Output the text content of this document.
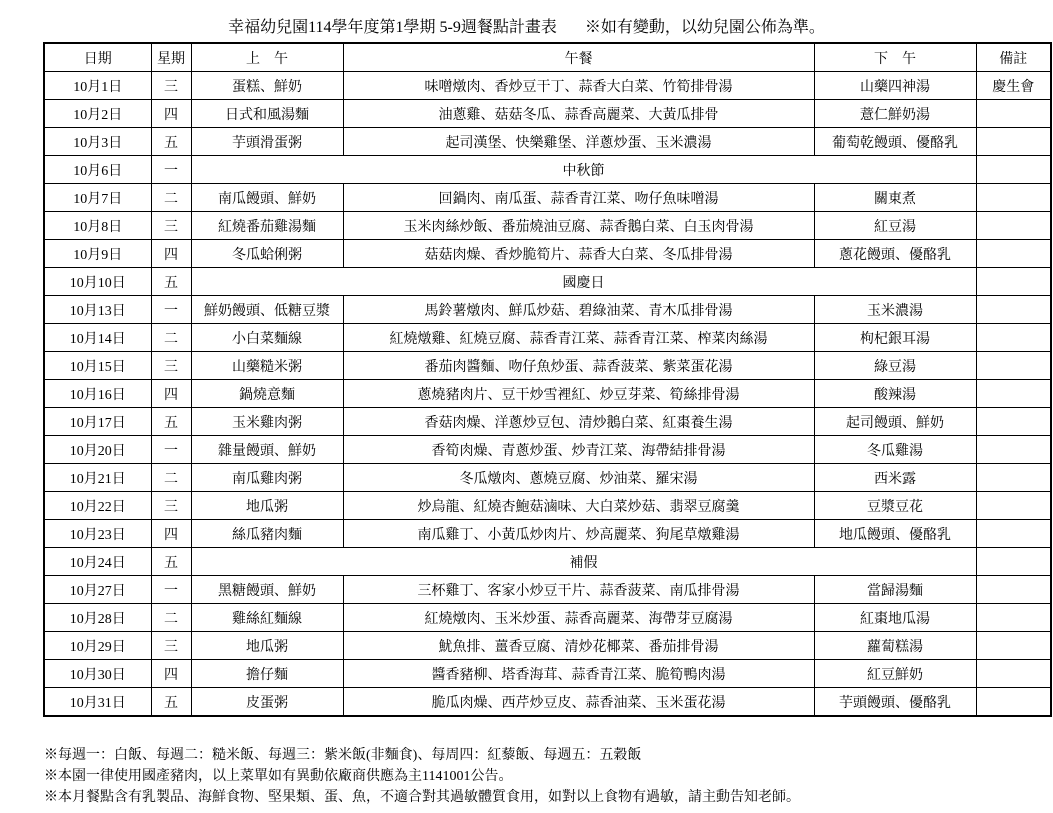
幸福幼兒園114學年度第1學期 5-9週餐點計畫表 ※如有變動，以幼兒園公佈為準。
日期	星期	上　午	午餐	下　午	備註
10月1日	三	蛋糕、鮮奶	味噌燉肉、香炒豆干丁、蒜香大白菜、竹筍排骨湯	山藥四神湯	慶生會
10月2日	四	日式和風湯麵	油蔥雞、菇菇冬瓜、蒜香高麗菜、大黃瓜排骨	薏仁鮮奶湯	
10月3日	五	芋頭滑蛋粥	起司漢堡、快樂雞堡、洋蔥炒蛋、玉米濃湯	葡萄乾饅頭、優酪乳	
10月6日	一	中秋節			
10月7日	二	南瓜饅頭、鮮奶	回鍋肉、南瓜蛋、蒜香青江菜、吻仔魚味噌湯	關東煮	
10月8日	三	紅燒番茄雞湯麵	玉米肉絲炒飯、番茄燒油豆腐、蒜香鵝白菜、白玉肉骨湯	紅豆湯	
10月9日	四	冬瓜蛤俐粥	菇菇肉燥、香炒脆筍片、蒜香大白菜、冬瓜排骨湯	蔥花饅頭、優酪乳	
10月10日	五	國慶日			
10月13日	一	鮮奶饅頭、低糖豆漿	馬鈴薯燉肉、鮮瓜炒菇、碧綠油菜、青木瓜排骨湯	玉米濃湯	
10月14日	二	小白菜麵線	紅燒燉雞、紅燒豆腐、蒜香青江菜、蒜香青江菜、榨菜肉絲湯	枸杞銀耳湯	
10月15日	三	山藥糙米粥	番茄肉醬麵、吻仔魚炒蛋、蒜香菠菜、紫菜蛋花湯	綠豆湯	
10月16日	四	鍋燒意麵	蔥燒豬肉片、豆干炒雪裡紅、炒豆芽菜、筍絲排骨湯	酸辣湯	
10月17日	五	玉米雞肉粥	香菇肉燥、洋蔥炒豆包、清炒鵝白菜、紅棗養生湯	起司饅頭、鮮奶	
10月20日	一	雜量饅頭、鮮奶	香筍肉燥、青蔥炒蛋、炒青江菜、海帶結排骨湯	冬瓜雞湯	
10月21日	二	南瓜雞肉粥	冬瓜燉肉、蔥燒豆腐、炒油菜、羅宋湯	西米露	
10月22日	三	地瓜粥	炒烏龍、紅燒杏鮑菇滷味、大白菜炒菇、翡翠豆腐羹	豆漿豆花	
10月23日	四	絲瓜豬肉麵	南瓜雞丁、小黃瓜炒肉片、炒高麗菜、狗尾草燉雞湯	地瓜饅頭、優酪乳	
10月24日	五	補假			
10月27日	一	黑糖饅頭、鮮奶	三杯雞丁、客家小炒豆干片、蒜香菠菜、南瓜排骨湯	當歸湯麵	
10月28日	二	雞絲紅麵線	紅燒燉肉、玉米炒蛋、蒜香高麗菜、海帶芽豆腐湯	紅棗地瓜湯	
10月29日	三	地瓜粥	魷魚排、薑香豆腐、清炒花椰菜、番茄排骨湯	蘿蔔糕湯	
10月30日	四	擔仔麵	醬香豬柳、塔香海茸、蒜香青江菜、脆筍鴨肉湯	紅豆鮮奶	
10月31日	五	皮蛋粥	脆瓜肉燥、西芹炒豆皮、蒜香油菜、玉米蛋花湯	芋頭饅頭、優酪乳	
※每週一：白飯、每週二：糙米飯、每週三：紫米飯(非麵食)、每周四：紅藜飯、每週五：五穀飯
※本園一律使用國產豬肉，以上菜單如有異動依廠商供應為主1141001公告。
※本月餐點含有乳製品、海鮮食物、堅果類、蛋、魚，不適合對其過敏體質食用，如對以上食物有過敏，請主動告知老師。
